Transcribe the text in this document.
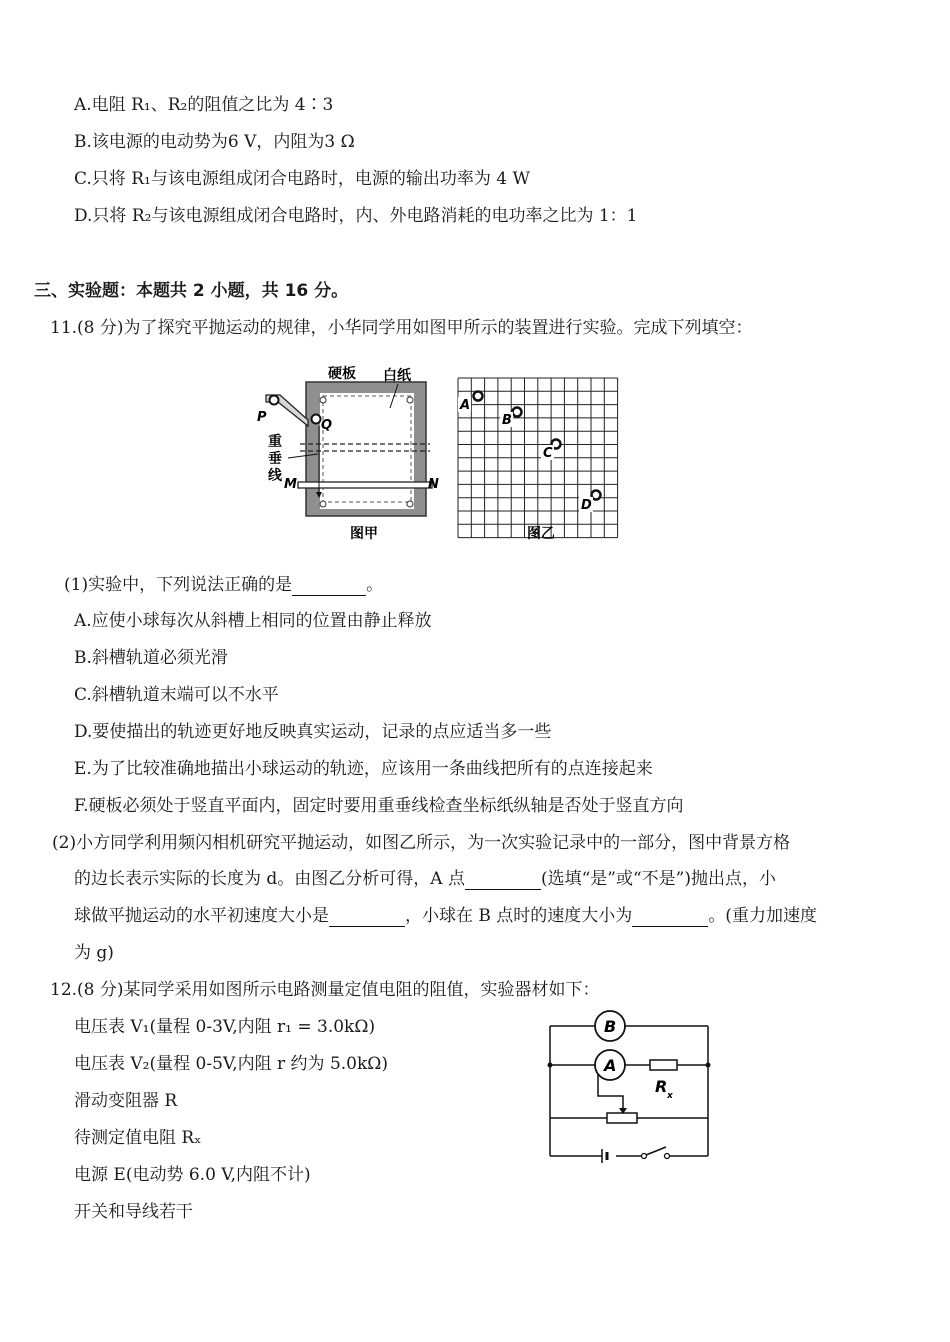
A.电阻 R₁、R₂的阻值之比为 4∶3
B.该电源的电动势为6 V，内阻为3 Ω
C.只将 R₁与该电源组成闭合电路时，电源的输出功率为 4 W
D.只将 R₂与该电源组成闭合电路时，内、外电路消耗的电功率之比为 1：1
三、实验题：本题共 2 小题，共 16 分。
11.(8 分)为了探究平抛运动的规律，小华同学用如图甲所示的装置进行实验。完成下列填空：
硬板 白纸
P
Q
重
垂
线
M	N
图甲
A
B
C
D
图乙
(1)实验中，下列说法正确的是	。
A.应使小球每次从斜槽上相同的位置由静止释放
B.斜槽轨道必须光滑
C.斜槽轨道末端可以不水平
D.要使描出的轨迹更好地反映真实运动，记录的点应适当多一些
E.为了比较准确地描出小球运动的轨迹，应该用一条曲线把所有的点连接起来
F.硬板必须处于竖直平面内，固定时要用重垂线检查坐标纸纵轴是否处于竖直方向
(2)小方同学利用频闪相机研究平抛运动，如图乙所示，为一次实验记录中的一部分，图中背景方格
的边长表示实际的长度为 d。由图乙分析可得，A 点	(选填“是”或“不是”)抛出点，小
球做平抛运动的水平初速度大小是	，小球在 B 点时的速度大小为	。(重力加速度
为 g)
12.(8 分)某同学采用如图所示电路测量定值电阻的阻值，实验器材如下：
电压表 V₁(量程 0-3V,内阻 r₁ = 3.0kΩ)
电压表 V₂(量程 0-5V,内阻 r 约为 5.0kΩ)
滑动变阻器 R
待测定值电阻 Rₓ
电源 E(电动势 6.0 V,内阻不计)
开关和导线若干
B
A
R x
